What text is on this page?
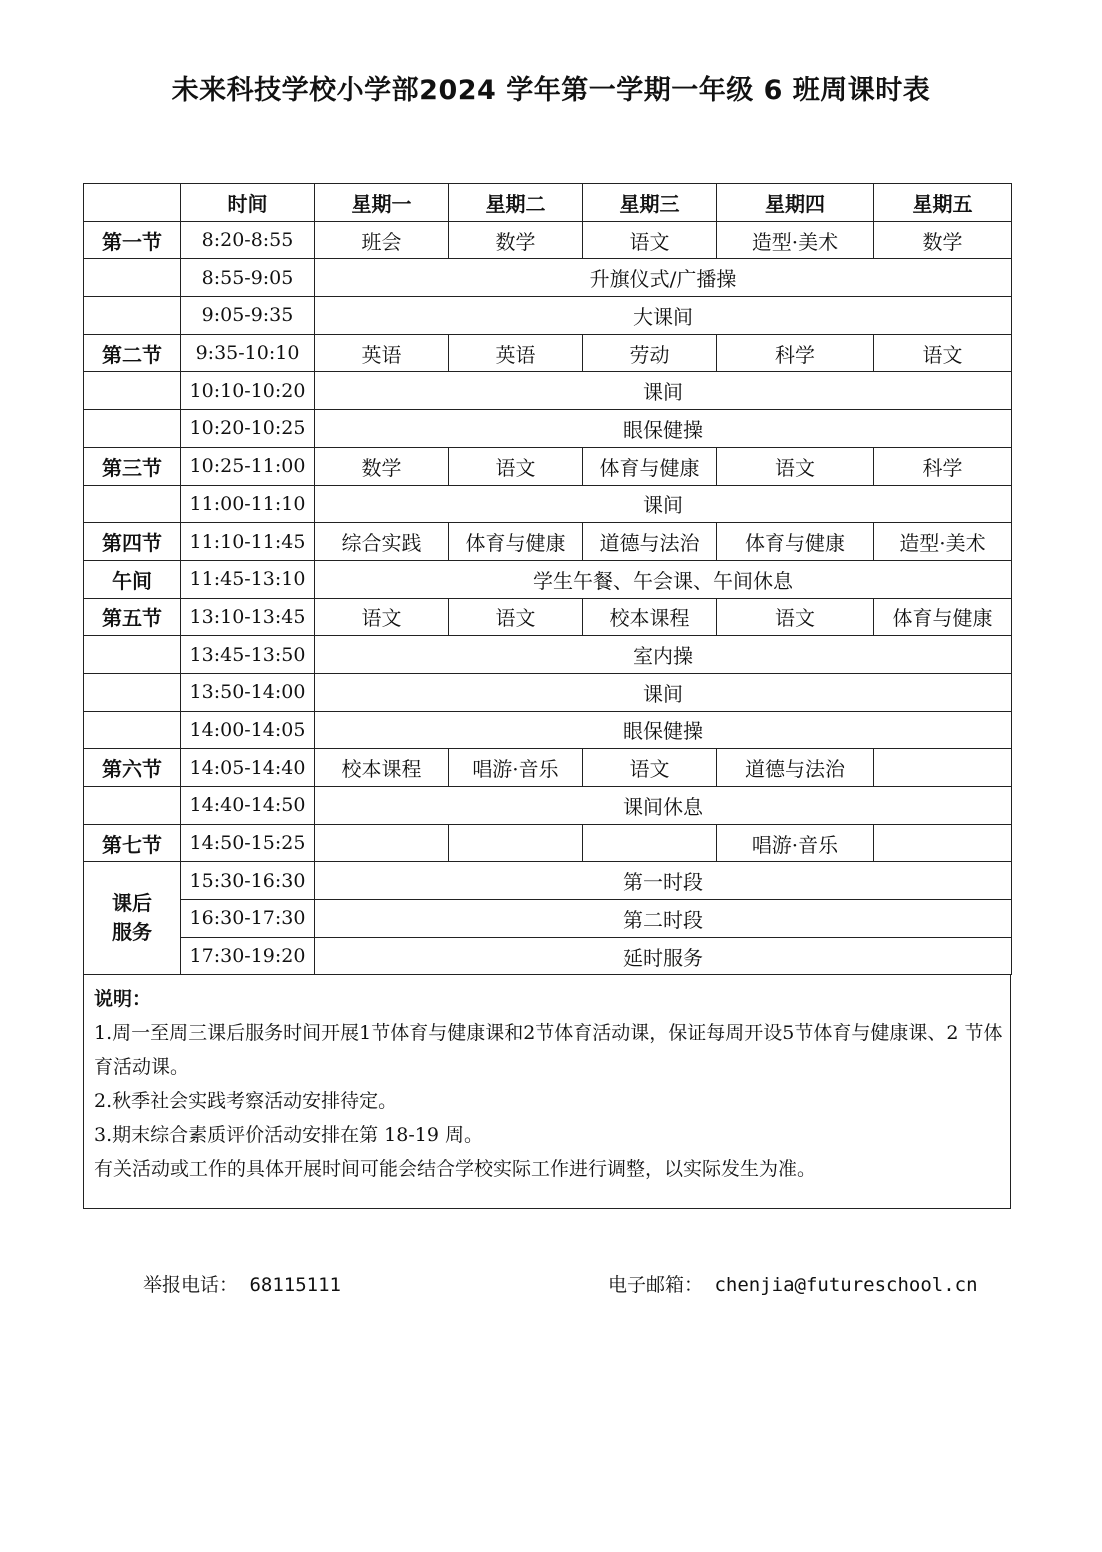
未来科技学校小学部2024 学年第一学期一年级 6 班周课时表
	时间	星期一	星期二	星期三	星期四	星期五
第一节	8:20-8:55	班会	数学	语文	造型·美术	数学
	8:55-9:05	升旗仪式/广播操				
	9:05-9:35	大课间				
第二节	9:35-10:10	英语	英语	劳动	科学	语文
	10:10-10:20	课间				
	10:20-10:25	眼保健操				
第三节	10:25-11:00	数学	语文	体育与健康	语文	科学
	11:00-11:10	课间				
第四节	11:10-11:45	综合实践	体育与健康	道德与法治	体育与健康	造型·美术
午间	11:45-13:10	学生午餐、午会课、午间休息				
第五节	13:10-13:45	语文	语文	校本课程	语文	体育与健康
	13:45-13:50	室内操				
	13:50-14:00	课间				
	14:00-14:05	眼保健操				
第六节	14:05-14:40	校本课程	唱游·音乐	语文	道德与法治	
	14:40-14:50	课间休息				
第七节	14:50-15:25				唱游·音乐	
课后
服务	15:30-16:30	第一时段				
	16:30-17:30	第二时段				
	17:30-19:20	延时服务				
说明：
1.周一至周三课后服务时间开展1节体育与健康课和2节体育活动课，保证每周开设5节体育与健康课、2 节体育活动课。
2.秋季社会实践考察活动安排待定。
3.期末综合素质评价活动安排在第 18-19 周。
有关活动或工作的具体开展时间可能会结合学校实际工作进行调整，以实际发生为准。
举报电话： 68115111	电子邮箱： chenjia@futureschool.cn
